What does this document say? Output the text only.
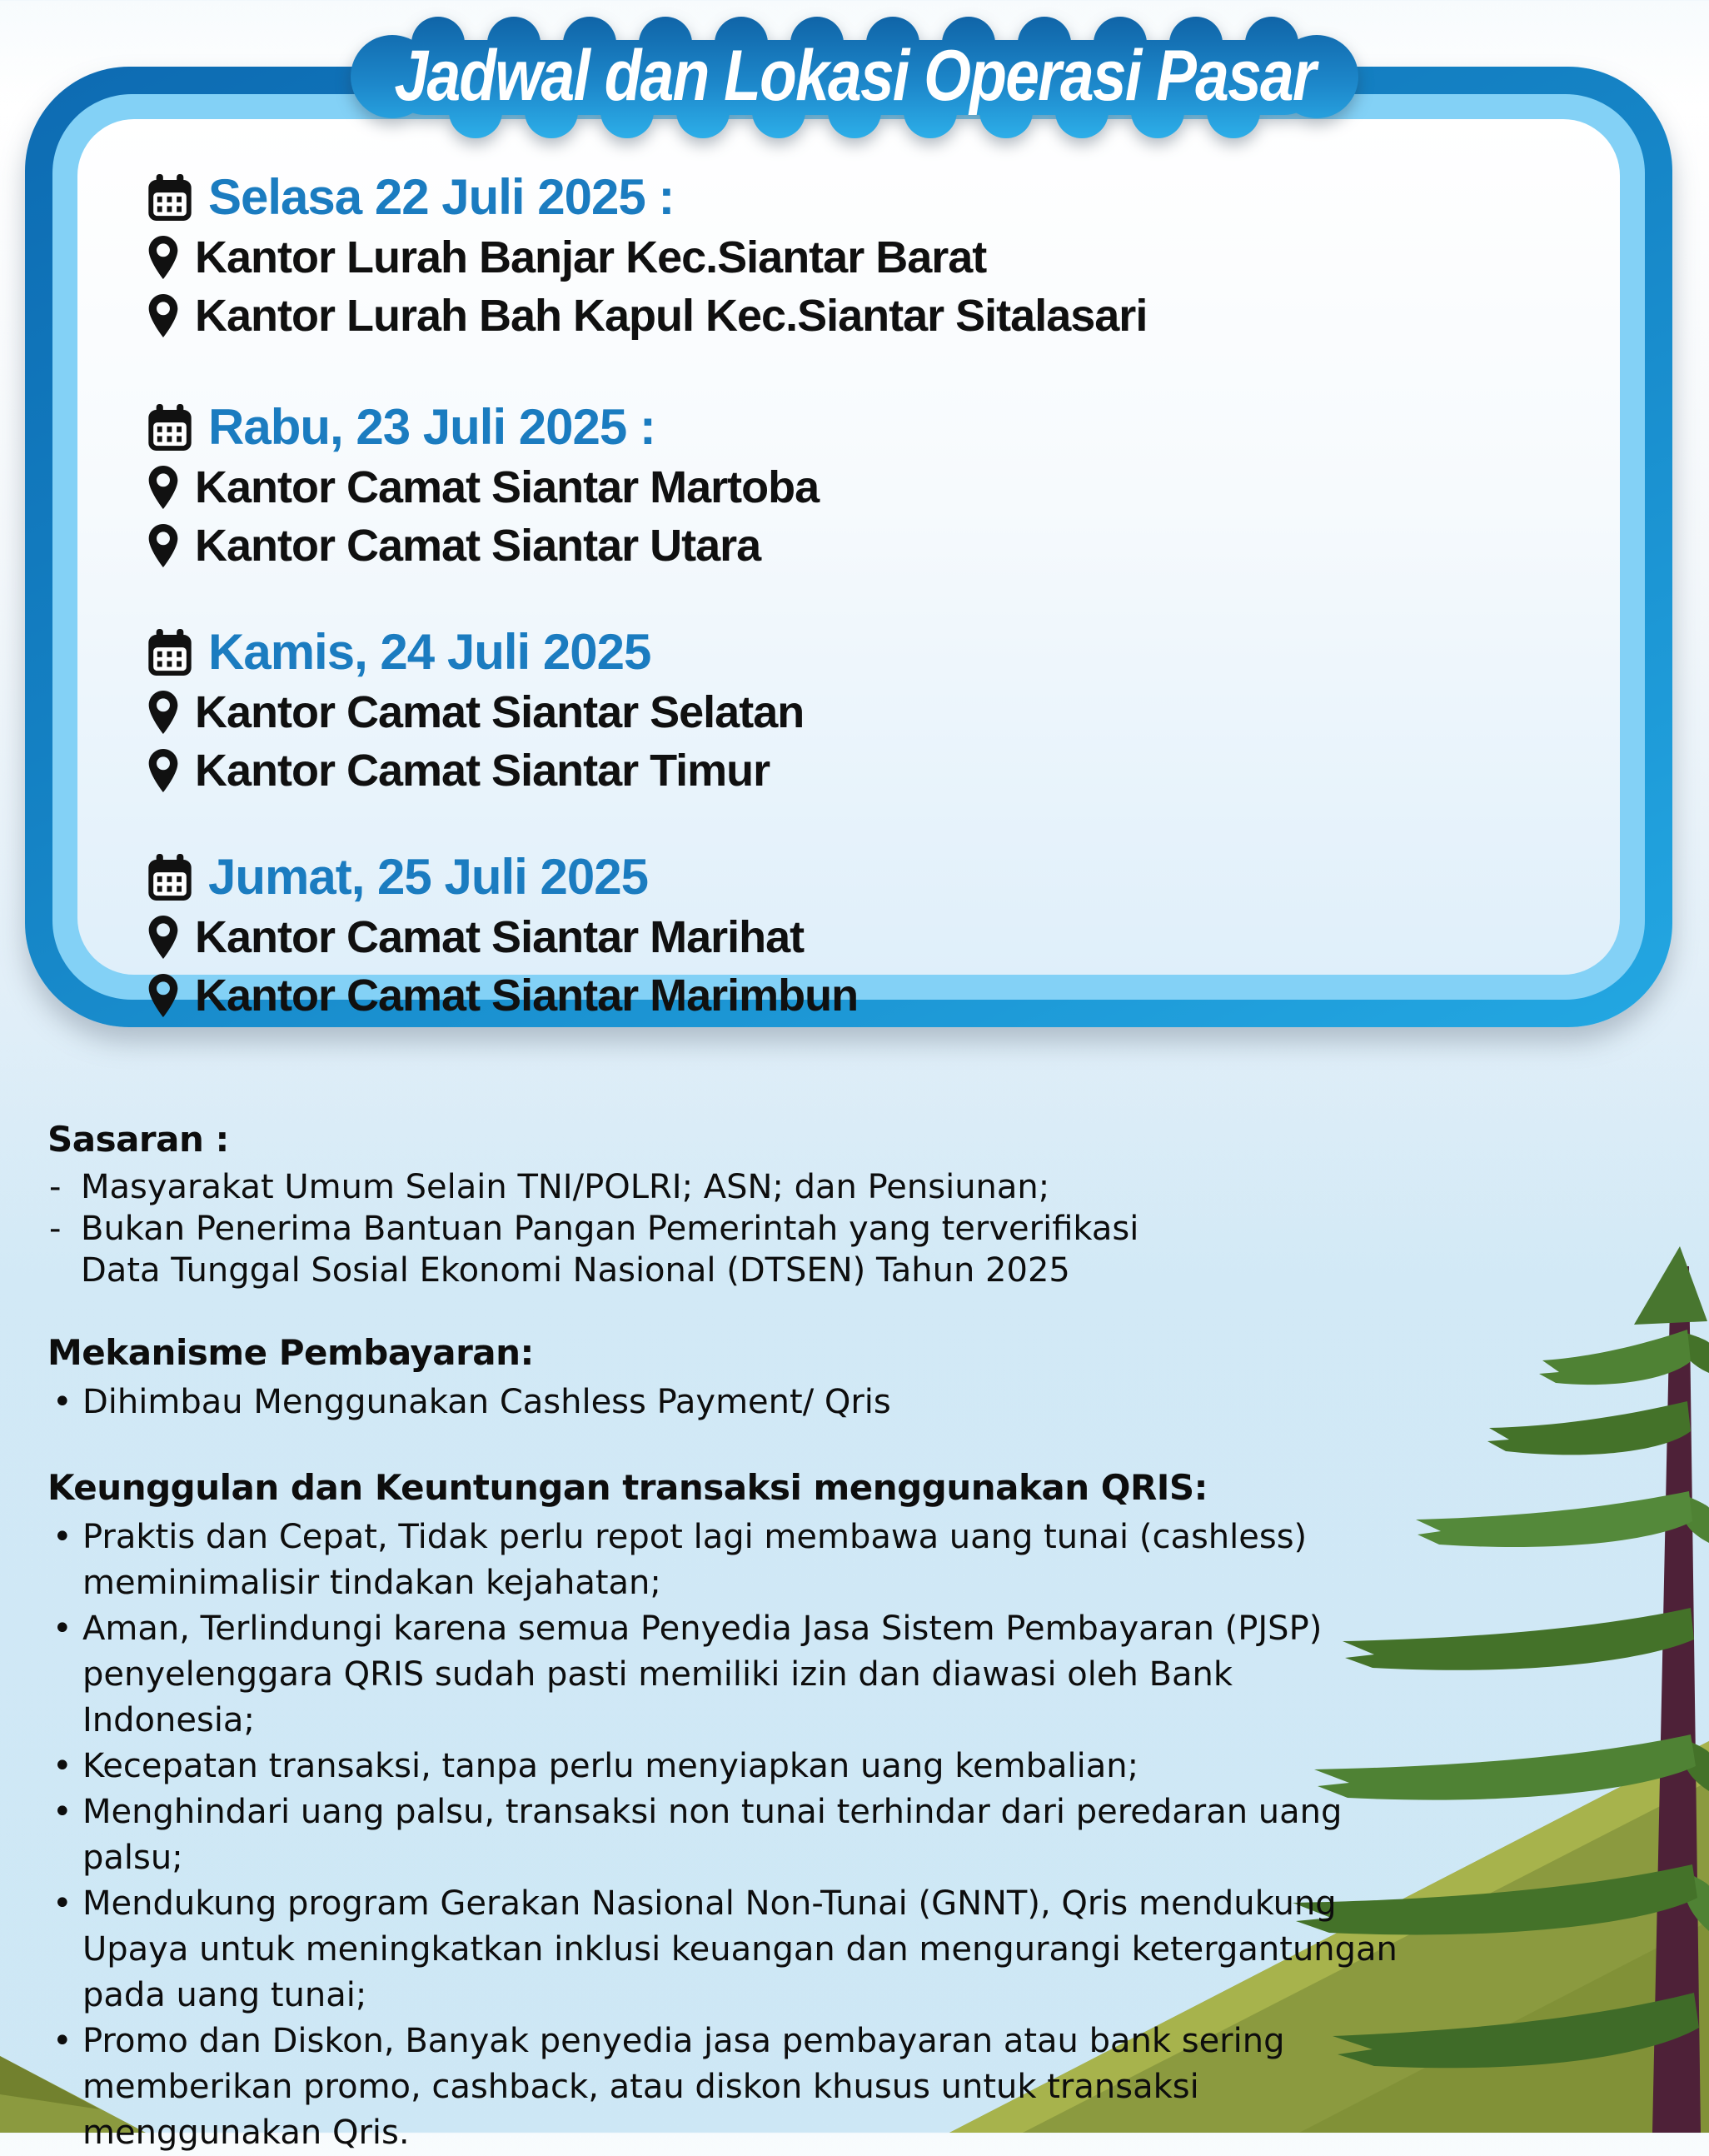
Jadwal dan Lokasi Operasi Pasar
Selasa 22 Juli 2025 :
Kantor Lurah Banjar Kec.Siantar Barat
Kantor Lurah Bah Kapul Kec.Siantar Sitalasari
Rabu, 23 Juli 2025 :
Kantor Camat Siantar Martoba
Kantor Camat Siantar Utara
Kamis, 24 Juli 2025
Kantor Camat Siantar Selatan
Kantor Camat Siantar Timur
Jumat, 25 Juli 2025
Kantor Camat Siantar Marihat
Kantor Camat Siantar Marimbun
Sasaran :
- Masyarakat Umum Selain TNI/POLRI; ASN; dan Pensiunan;
- Bukan Penerima Bantuan Pangan Pemerintah yang terverifikasi Data Tunggal Sosial Ekonomi Nasional (DTSEN) Tahun 2025
Mekanisme Pembayaran:
• Dihimbau Menggunakan Cashless Payment/ Qris
Keunggulan dan Keuntungan transaksi menggunakan QRIS:
• Praktis dan Cepat, Tidak perlu repot lagi membawa uang tunai (cashless) meminimalisir tindakan kejahatan;
• Aman, Terlindungi karena semua Penyedia Jasa Sistem Pembayaran (PJSP) penyelenggara QRIS sudah pasti memiliki izin dan diawasi oleh Bank Indonesia;
• Kecepatan transaksi, tanpa perlu menyiapkan uang kembalian;
• Menghindari uang palsu, transaksi non tunai terhindar dari peredaran uang palsu;
• Mendukung program Gerakan Nasional Non-Tunai (GNNT), Qris mendukung Upaya untuk meningkatkan inklusi keuangan dan mengurangi ketergantungan pada uang tunai;
• Promo dan Diskon, Banyak penyedia jasa pembayaran atau bank sering memberikan promo, cashback, atau diskon khusus untuk transaksi menggunakan Qris.
